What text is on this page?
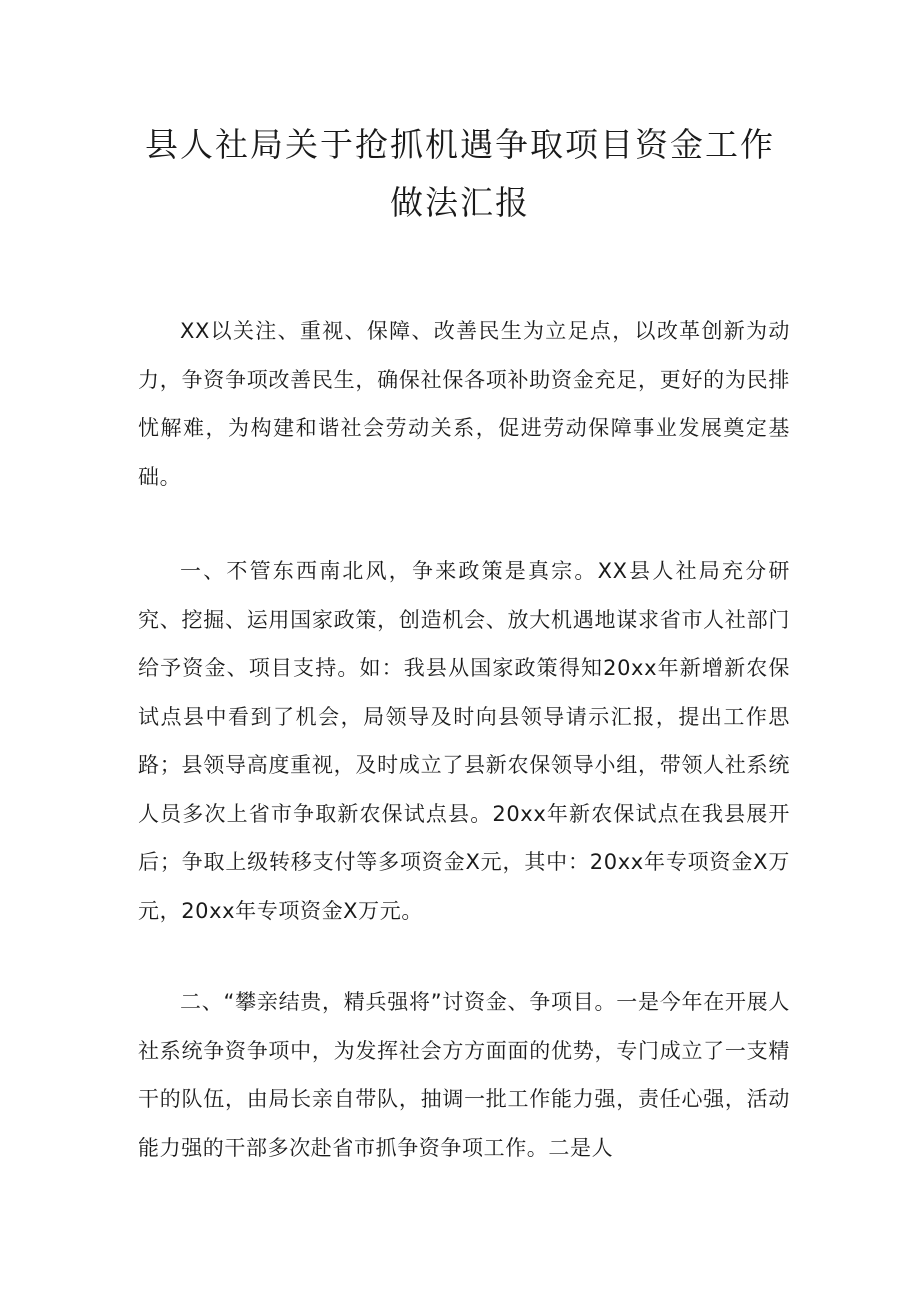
县人社局关于抢抓机遇争取项目资金工作
做法汇报

XX以关注、重视、保障、改善民生为立足点，以改革创新为动力，争资争项改善民生，确保社保各项补助资金充足，更好的为民排忧解难，为构建和谐社会劳动关系，促进劳动保障事业发展奠定基础。

一、不管东西南北风，争来政策是真宗。XX县人社局充分研究、挖掘、运用国家政策，创造机会、放大机遇地谋求省市人社部门给予资金、项目支持。如：我县从国家政策得知20xx年新增新农保试点县中看到了机会，局领导及时向县领导请示汇报，提出工作思路；县领导高度重视，及时成立了县新农保领导小组，带领人社系统人员多次上省市争取新农保试点县。20xx年新农保试点在我县展开后；争取上级转移支付等多项资金X元，其中：20xx年专项资金X万元，20xx年专项资金X万元。

二、“攀亲结贵，精兵强将”讨资金、争项目。一是今年在开展人社系统争资争项中，为发挥社会方方面面的优势，专门成立了一支精干的队伍，由局长亲自带队，抽调一批工作能力强，责任心强，活动能力强的干部多次赴省市抓争资争项工作。二是人
